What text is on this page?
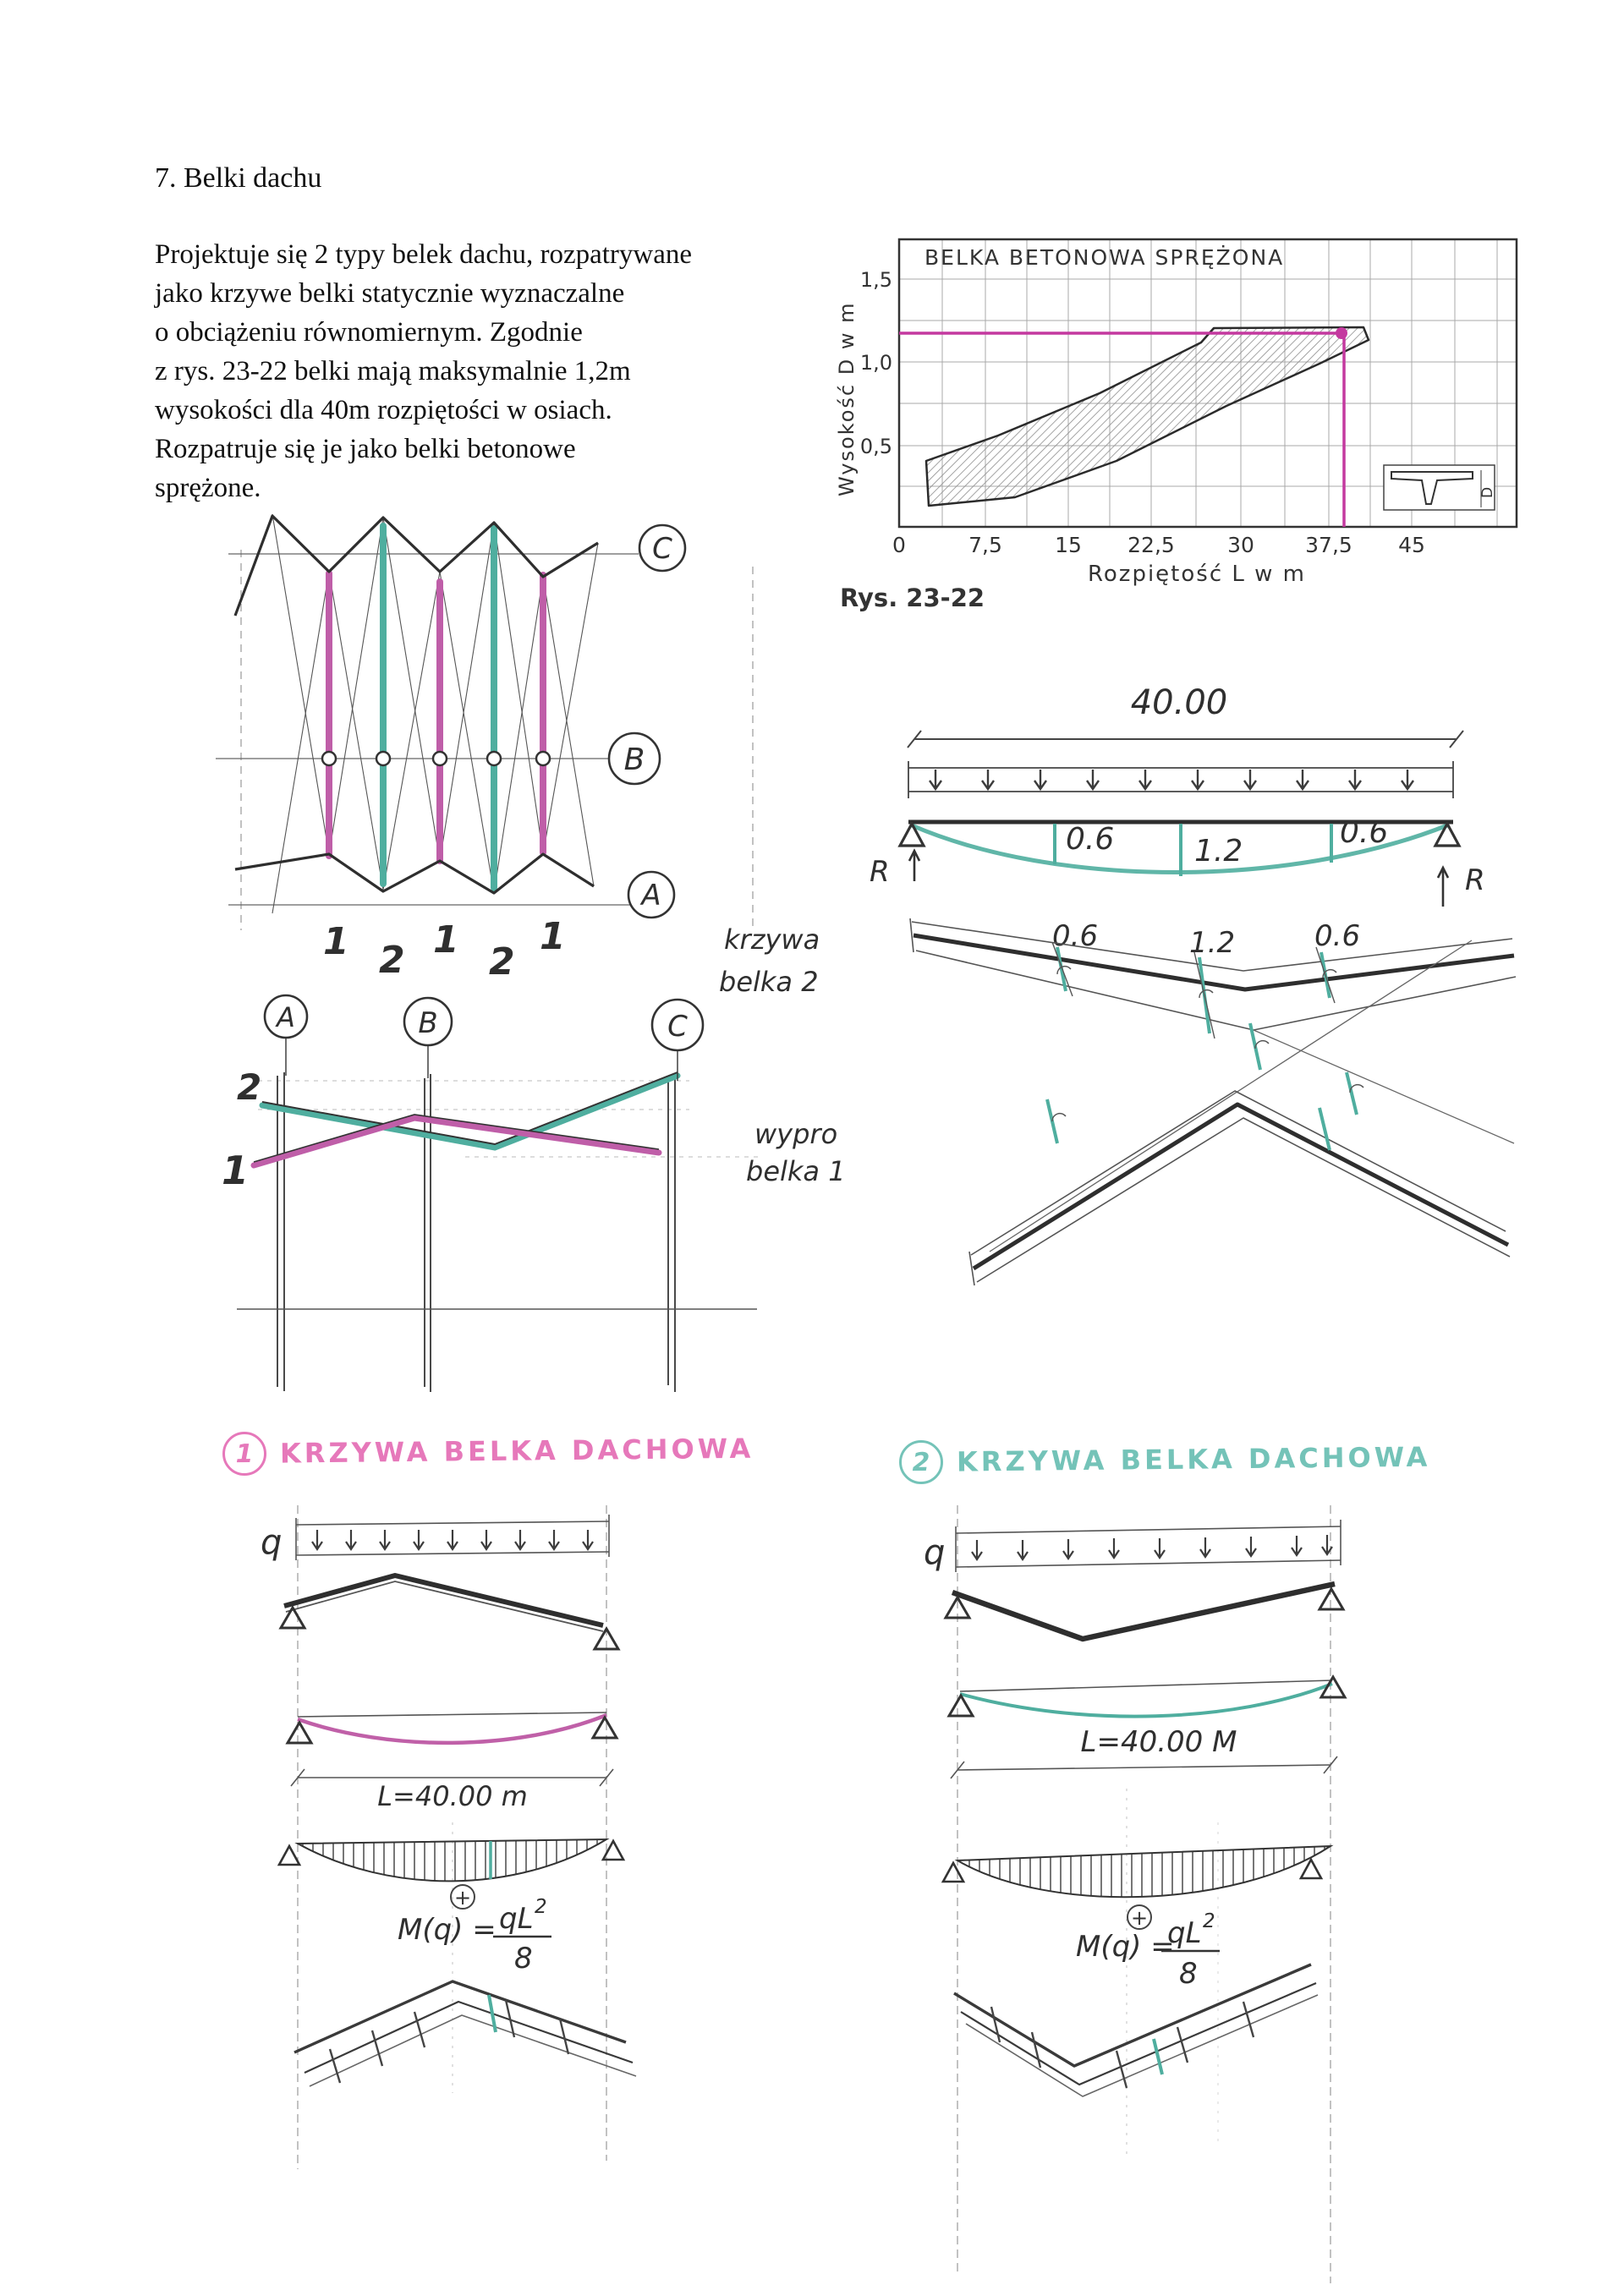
7. Belki dachu
Projektuje się 2 typy belek dachu, rozpatrywane
jako krzywe belki statycznie wyznaczalne
o obciążeniu równomiernym. Zgodnie
z rys. 23-22 belki mają maksymalnie 1,2m
wysokości dla 40m rozpiętości w osiach.
Rozpatruje się je jako belki betonowe
sprężone.
BELKA BETONOWA SPRĘŻONA
1,5
1,0
0,5
Wysokość D w m
0	7,5 15 22,5 30 37,5 45
Rozpiętość L w m
Rys. 23-22
D
C
B
A
1 2 1
2
1
A	B	C
2
1
40.00
0.6	1.2
0.6
R	R
krzywa
belka 2
wypro
belka 1
0.6	1.2	0.6
1 KRZYWA BELKA DACHOWA
q
L=40.00 m
+
M(q) = qL 2
8
2 KRZYWA BELKA DACHOWA
q
L=40.00 M
+
M(q) =
qL 2
8
